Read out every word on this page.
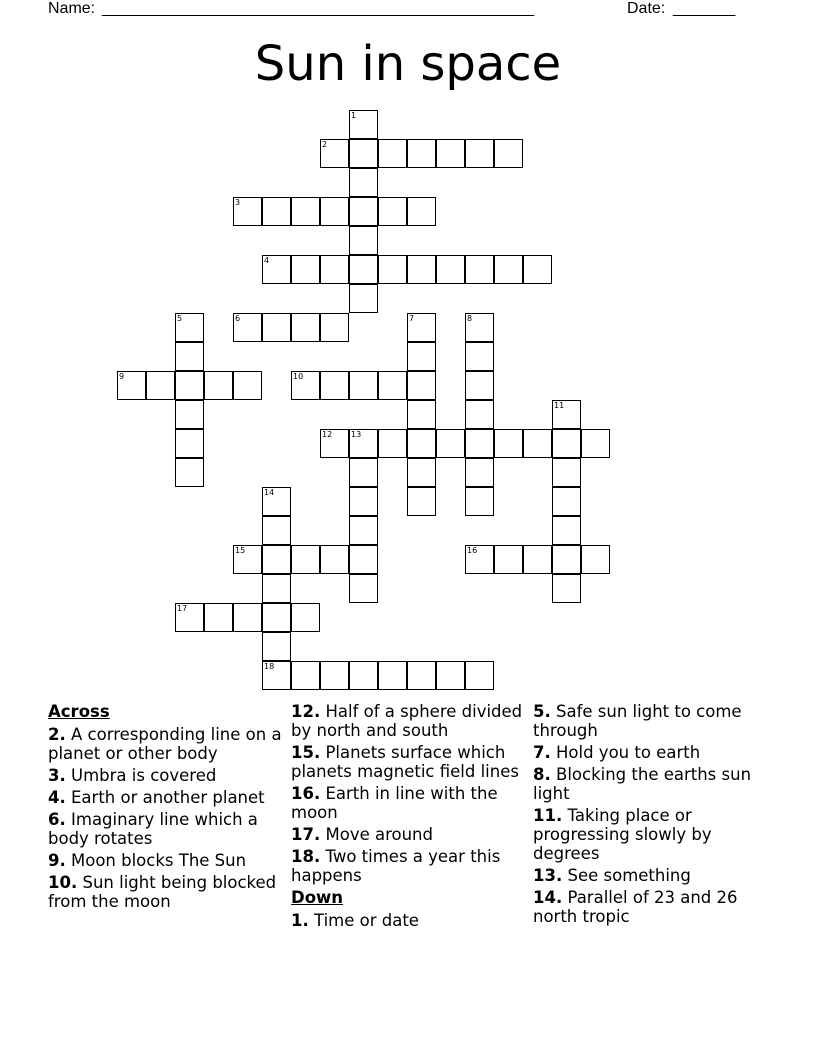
Name: ____________________________________________________	Date: _______
Sun in space
1
2
3
4
5	6	7	8
9	10
11
12 13
14
18
15	16
17
Across
2. A corresponding line on a planet or other body
3. Umbra is covered
4. Earth or another planet
6. Imaginary line which a body rotates
9. Moon blocks The Sun
10. Sun light being blocked from the moon
12. Half of a sphere divided by north and south
15. Planets surface which planets magnetic field lines
16. Earth in line with the moon
17. Move around
18. Two times a year this happens
Down
1. Time or date
5. Safe sun light to come through
7. Hold you to earth
8. Blocking the earths sun light
11. Taking place or progressing slowly by degrees
13. See something
14. Parallel of 23 and 26 north tropic
